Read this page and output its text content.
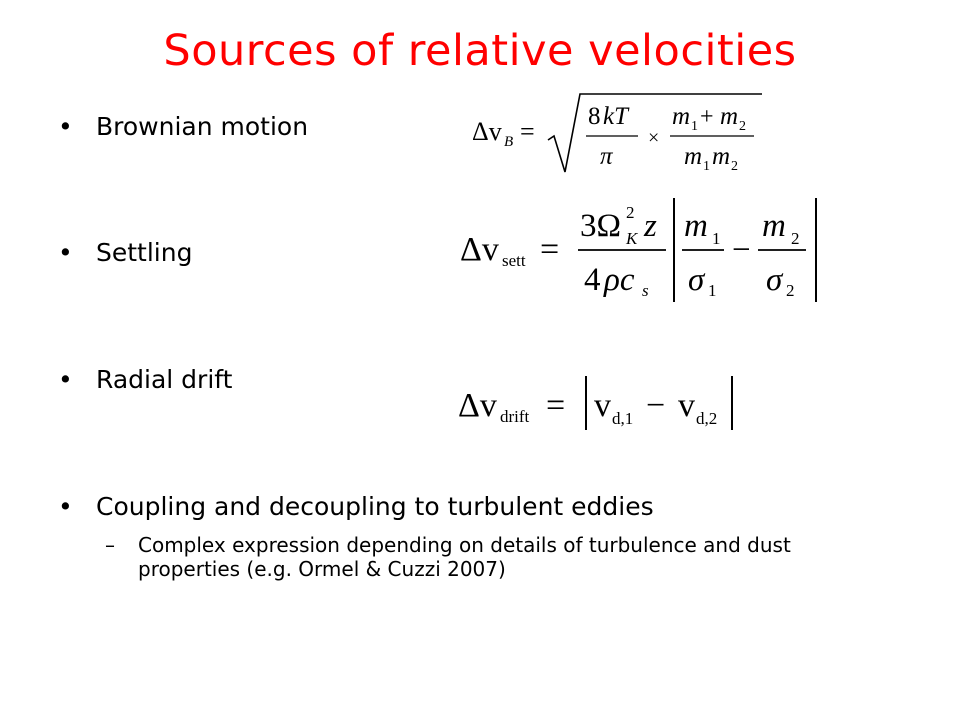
Sources of relative velocities
• Brownian motion	Δv B =
8 kT
π
×
m 1 + m 2
m 1 m 2
• Settling	Δv sett =
3Ω 2
K z
4 ρc s
m 1
σ 1
−
m 2
σ 2
• Radial drift
Δv drift = v d,1 − v d,2
• Coupling and decoupling to turbulent eddies
– Complex expression depending on details of turbulence and dust properties (e.g. Ormel & Cuzzi 2007)
